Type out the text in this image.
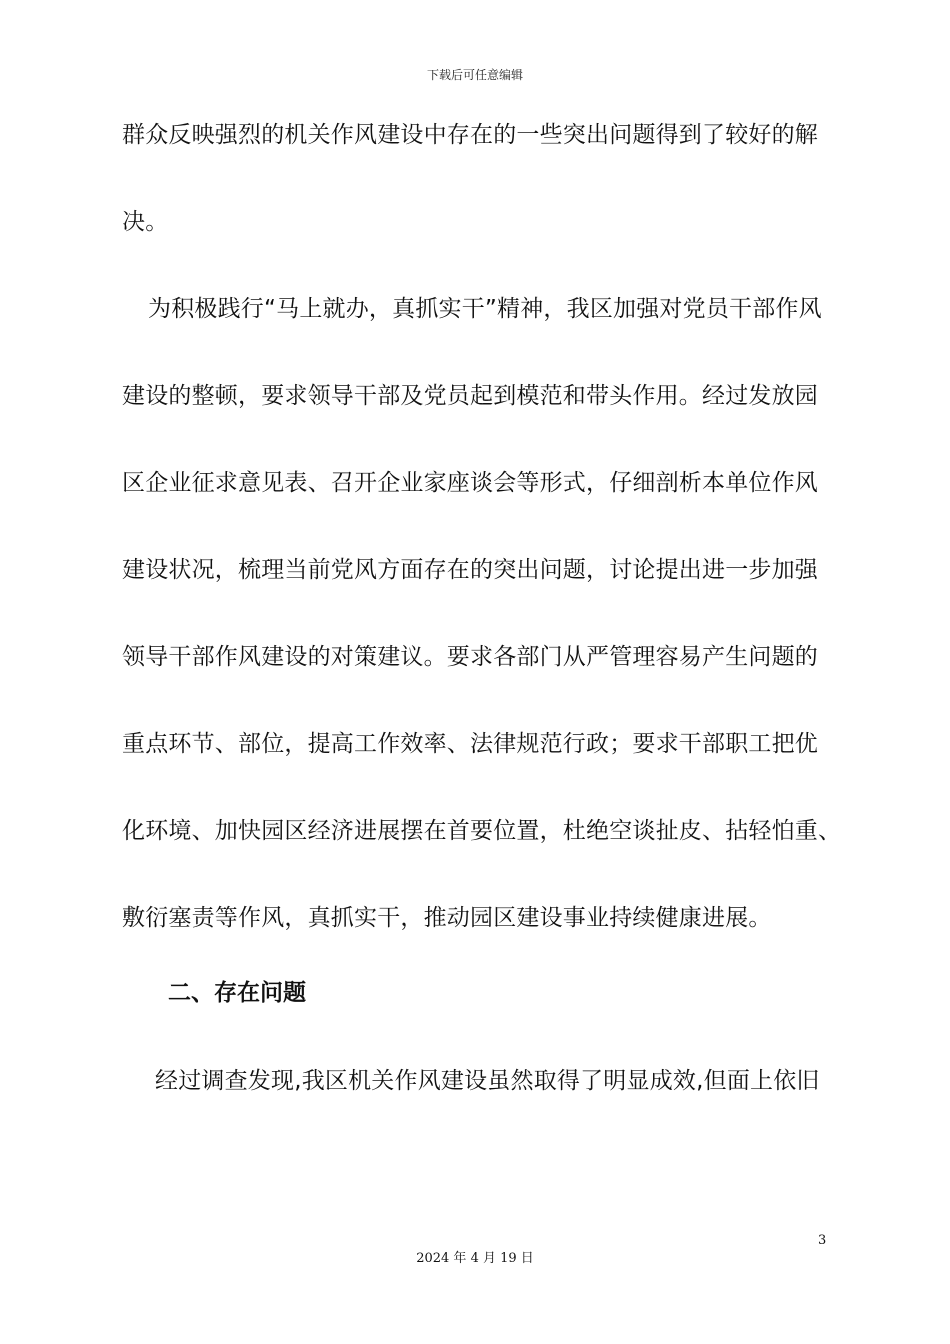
下载后可任意编辑
群众反映强烈的机关作风建设中存在的一些突出问题得到了较好的解
决。
为积极践行“马上就办，真抓实干”精神，我区加强对党员干部作风
建设的整顿，要求领导干部及党员起到模范和带头作用。经过发放园
区企业征求意见表、召开企业家座谈会等形式，仔细剖析本单位作风
建设状况，梳理当前党风方面存在的突出问题，讨论提出进一步加强
领导干部作风建设的对策建议。要求各部门从严管理容易产生问题的
重点环节、部位，提高工作效率、法律规范行政；要求干部职工把优
化环境、加快园区经济进展摆在首要位置，杜绝空谈扯皮、拈轻怕重、
敷衍塞责等作风，真抓实干，推动园区建设事业持续健康进展。
二、存在问题
经过调查发现,我区机关作风建设虽然取得了明显成效,但面上依旧
3
2024 年 4 月 19 日
